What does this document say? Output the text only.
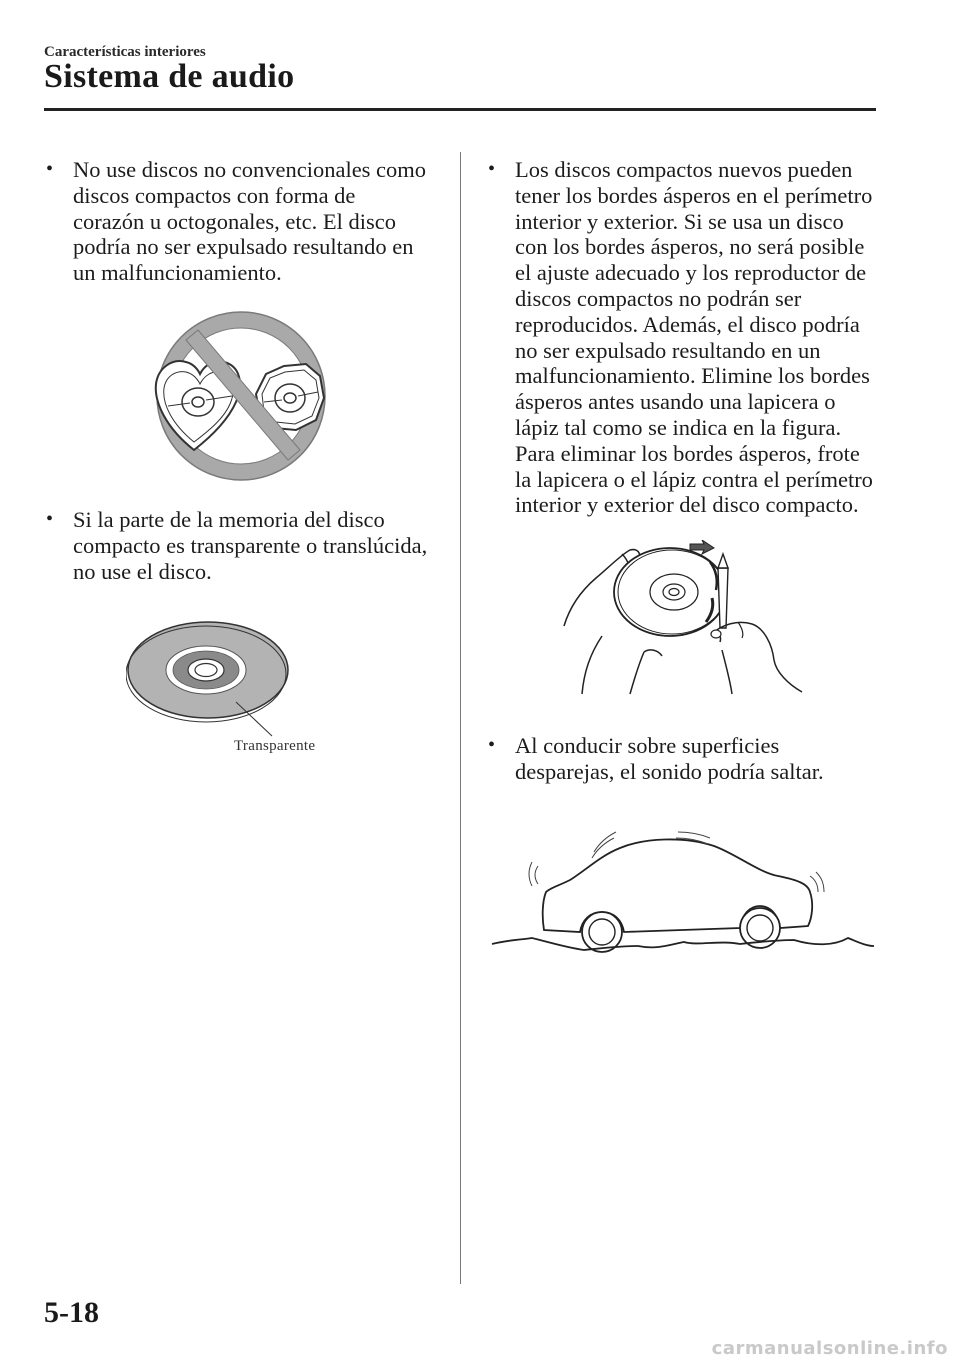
Características interiores
Sistema de audio
• No use discos no convencionales como
discos compactos con forma de
corazón u octogonales, etc. El disco
podría no ser expulsado resultando en
un malfuncionamiento.
• Si la parte de la memoria del disco
compacto es transparente o translúcida,
no use el disco.
Transparente
• Los discos compactos nuevos pueden
tener los bordes ásperos en el perímetro
interior y exterior. Si se usa un disco
con los bordes ásperos, no será posible
el ajuste adecuado y los reproductor de
discos compactos no podrán ser
reproducidos. Además, el disco podría
no ser expulsado resultando en un
malfuncionamiento. Elimine los bordes
ásperos antes usando una lapicera o
lápiz tal como se indica en la figura.
Para eliminar los bordes ásperos, frote
la lapicera o el lápiz contra el perímetro
interior y exterior del disco compacto.
• Al conducir sobre superficies
desparejas, el sonido podría saltar.
5-18
carmanualsonline.info
